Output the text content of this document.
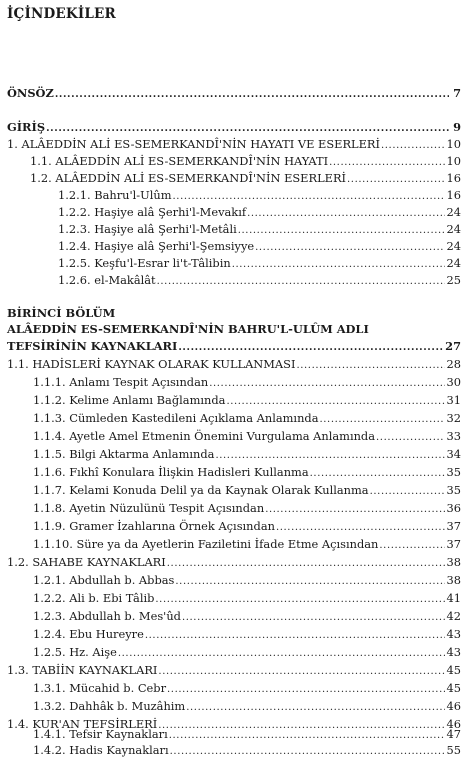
İÇİNDEKİLER
ÖNSÖZ .....	7
GİRİŞ .....	9
1. ALÂEDDİN ALİ ES-SEMERKANDÎ'NİN HAYATI VE ESERLERİ .....	10
1.1. ALÂEDDİN ALİ ES-SEMERKANDÎ'NİN HAYATI .....	10
1.2. ALÂEDDİN ALİ ES-SEMERKANDÎ'NİN ESERLERİ .....	16
1.2.1. Bahru'l-Ulûm .....	16
1.2.2. Haşiye alâ Şerhi'l-Mevakıf .....	24
1.2.3. Haşiye alâ Şerhi'l-Metâli .....	24
1.2.4. Haşiye alâ Şerhi'l-Şemsiyye .....	24
1.2.5. Keşfu'l-Esrar li't-Tâlibin .....	24
1.2.6. el-Makâlât .....	25
BİRİNCİ BÖLÜM
ALÂEDDİN ES-SEMERKANDÎ'NİN BAHRU'L-ULÛM ADLI
TEFSİRİNİN KAYNAKLARI .....	27
1.1. HADİSLERİ KAYNAK OLARAK KULLANMASI .....	28
1.1.1. Anlamı Tespit Açısından .....	30
1.1.2. Kelime Anlamı Bağlamında .....	31
1.1.3. Cümleden Kastedileni Açıklama Anlamında .....	32
1.1.4. Ayetle Amel Etmenin Önemini Vurgulama Anlamında .....	33
1.1.5. Bilgi Aktarma Anlamında .....	34
1.1.6. Fıkhî Konulara İlişkin Hadisleri Kullanma .....	35
1.1.7. Kelami Konuda Delil ya da Kaynak Olarak Kullanma .....	35
1.1.8. Ayetin Nüzulünü Tespit Açısından .....	36
1.1.9. Gramer İzahlarına Örnek Açısından .....	37
1.1.10. Süre ya da Ayetlerin Faziletini İfade Etme Açısından .....	37
1.2. SAHABE KAYNAKLARI .....	38
1.2.1. Abdullah b. Abbas .....	38
1.2.2. Ali b. Ebi Tâlib .....	41
1.2.3. Abdullah b. Mes'ûd .....	42
1.2.4. Ebu Hureyre .....	43
1.2.5. Hz. Aişe .....	43
1.3. TABİİN KAYNAKLARI .....	45
1.3.1. Mücahid b. Cebr .....	45
1.3.2. Dahhâk b. Muzâhim .....	46
1.4. KUR'AN TEFSİRLERİ .....	46
1.4.1. Tefsir Kaynakları .....	47
1.4.2. Hadis Kaynakları .....	55
